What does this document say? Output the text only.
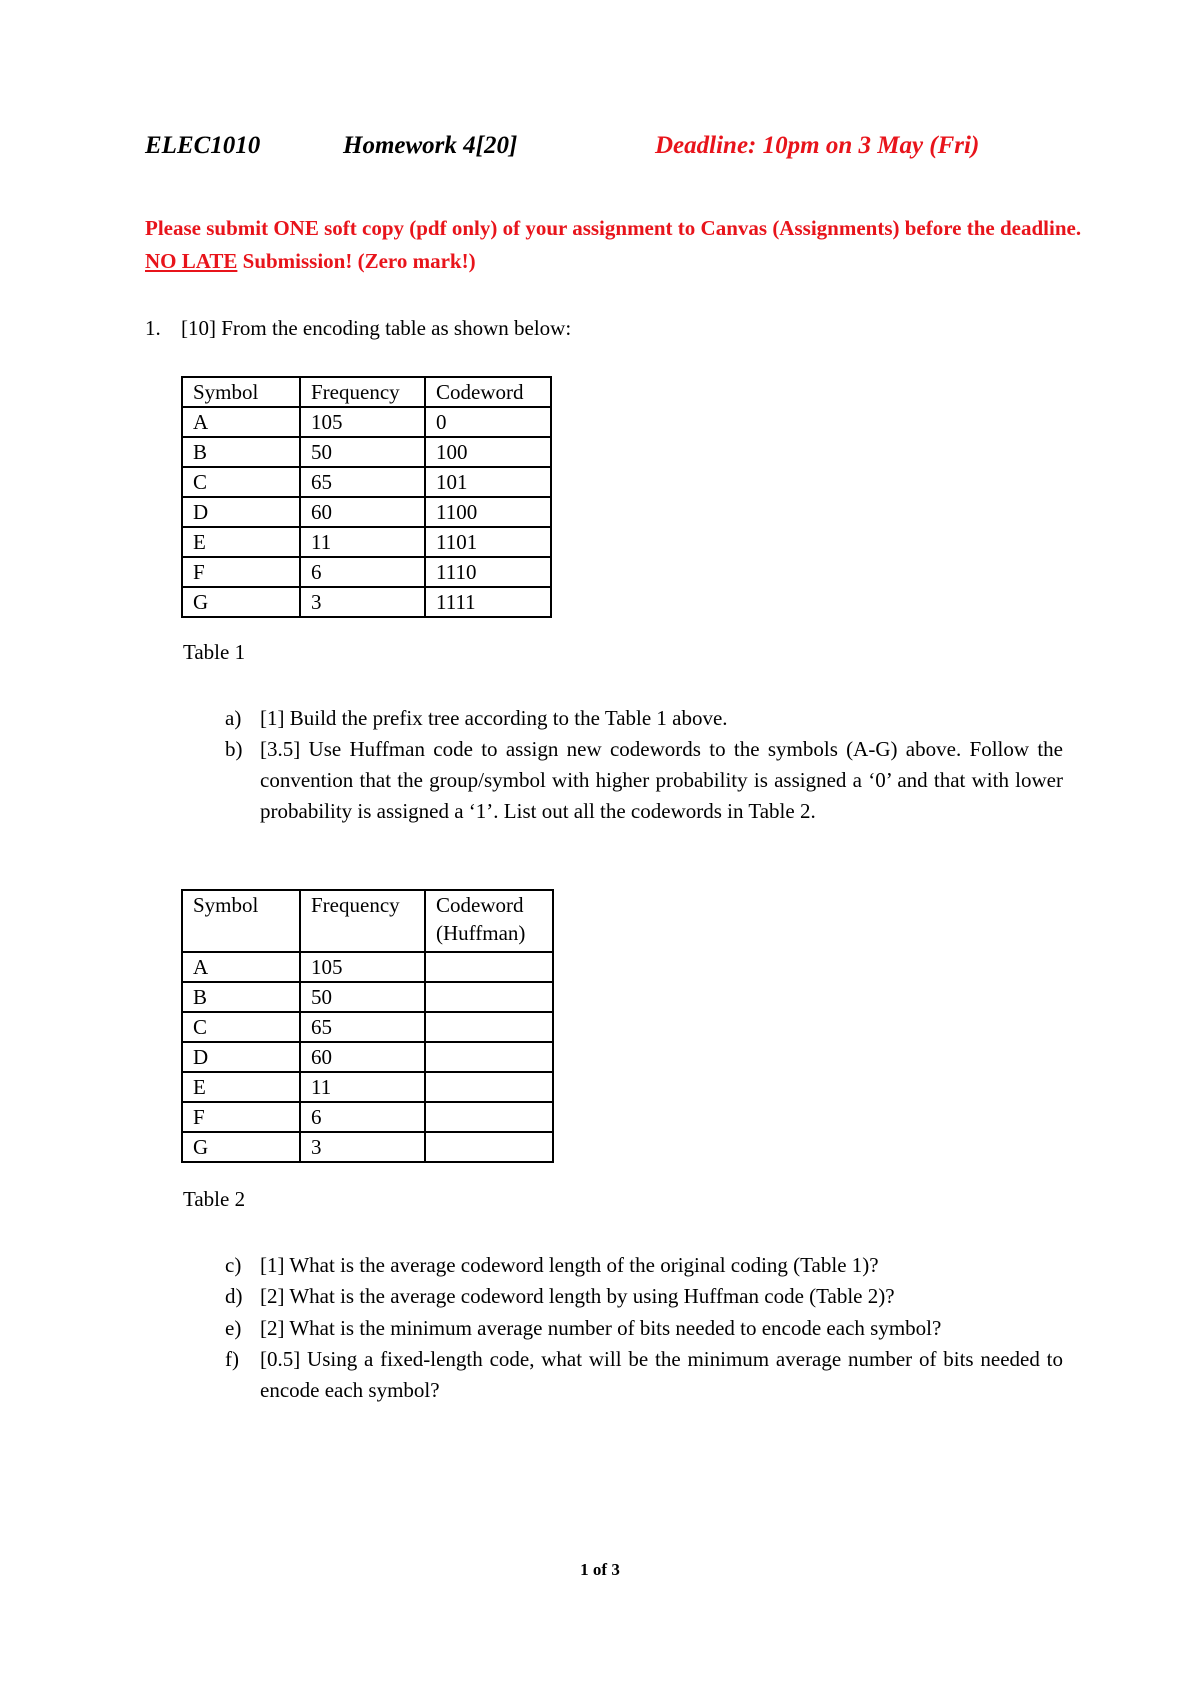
ELEC1010	Homework 4[20]	Deadline: 10pm on 3 May (Fri)
Please submit ONE soft copy (pdf only) of your assignment to Canvas (Assignments) before the deadline. NO LATE Submission! (Zero mark!)
1. [10] From the encoding table as shown below:
Symbol	Frequency	Codeword
A	105	0
B	50	100
C	65	101
D	60	1100
E	11	1101
F	6	1110
G	3	1111
Table 1
a) [1] Build the prefix tree according to the Table 1 above.
b) [3.5] Use Huffman code to assign new codewords to the symbols (A-G) above. Follow the convention that the group/symbol with higher probability is assigned a ‘0’ and that with lower probability is assigned a ‘1’. List out all the codewords in Table 2.
Symbol	Frequency	Codeword (Huffman)
A	105	
B	50	
C	65	
D	60	
E	11	
F	6	
G	3	
Table 2
c) [1] What is the average codeword length of the original coding (Table 1)?
d) [2] What is the average codeword length by using Huffman code (Table 2)?
e) [2] What is the minimum average number of bits needed to encode each symbol?
f) [0.5] Using a fixed-length code, what will be the minimum average number of bits needed to encode each symbol?
1 of 3
